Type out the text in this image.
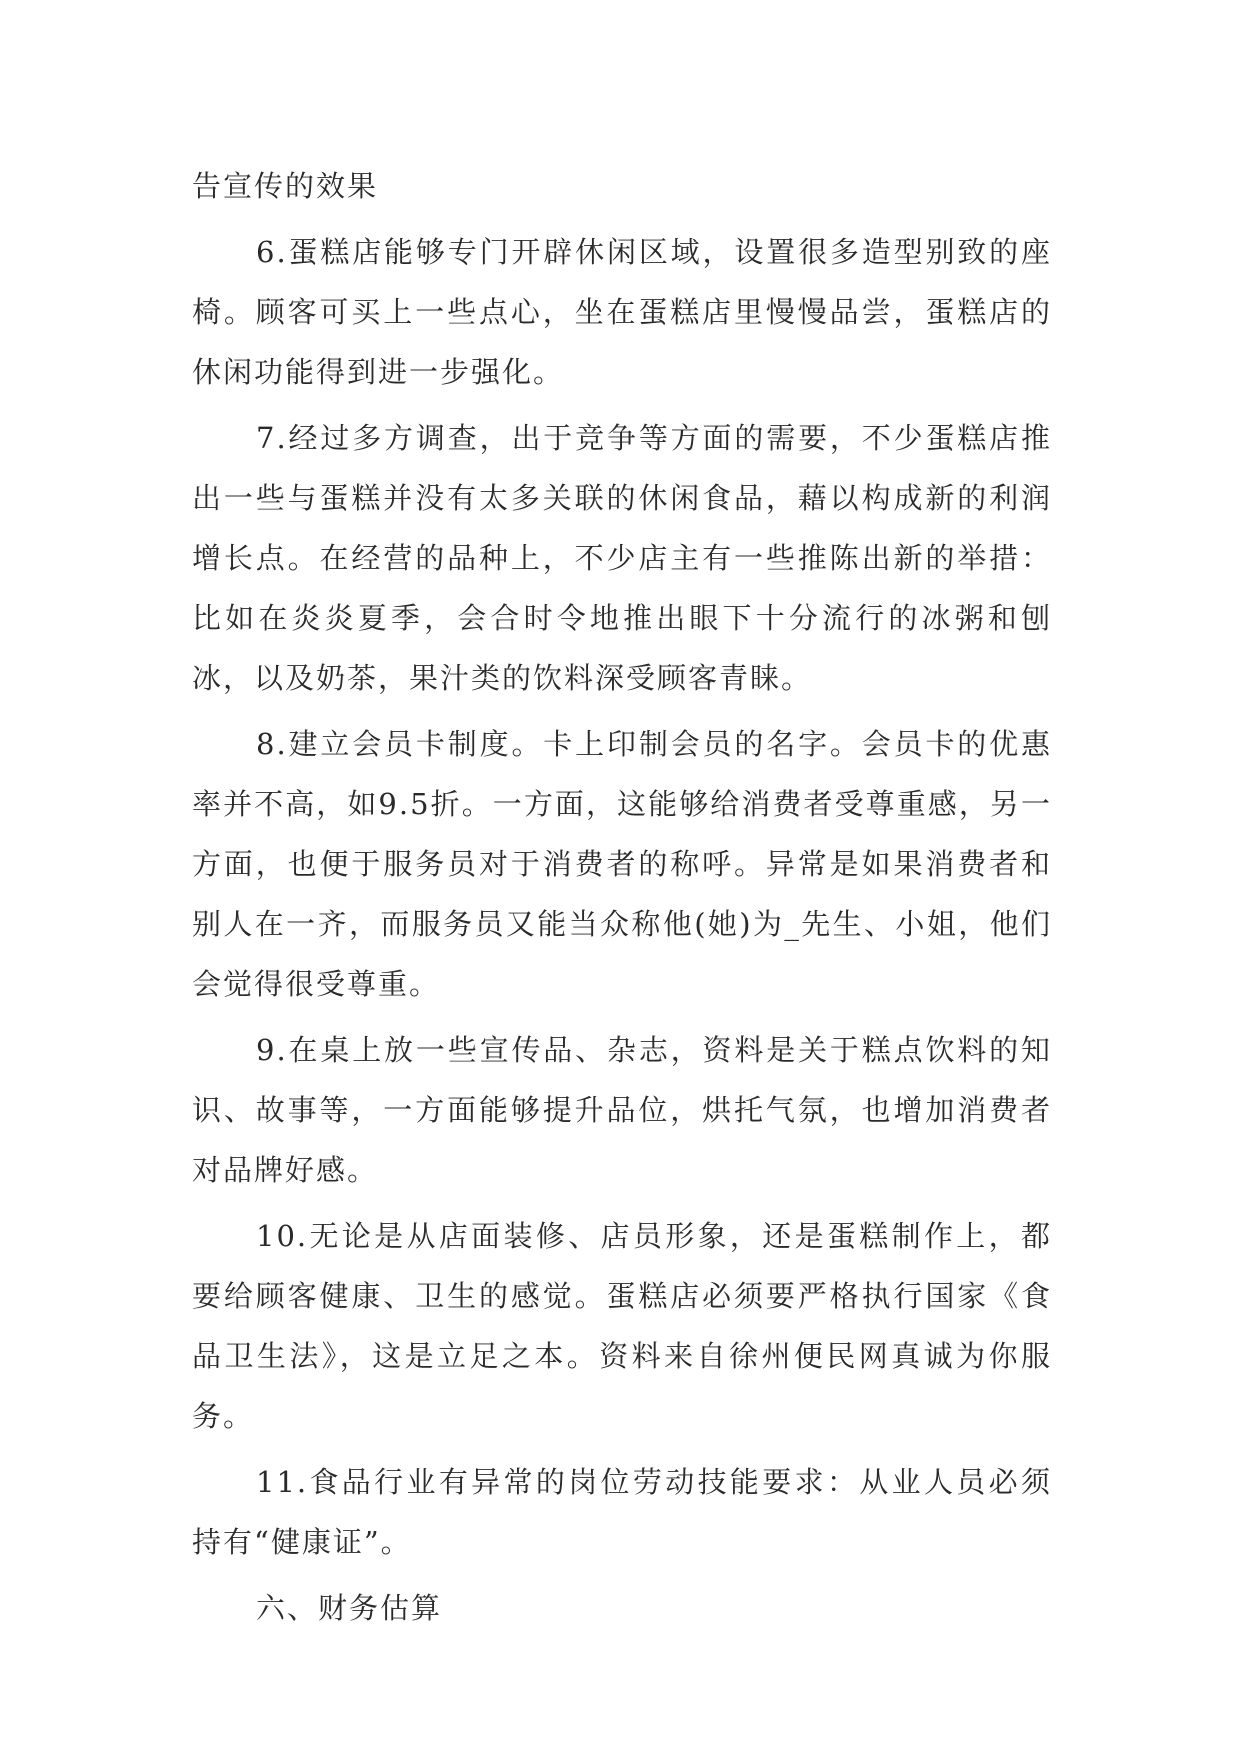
告宣传的效果

6.蛋糕店能够专门开辟休闲区域，设置很多造型别致的座椅。顾客可买上一些点心，坐在蛋糕店里慢慢品尝，蛋糕店的休闲功能得到进一步强化。

7.经过多方调查，出于竞争等方面的需要，不少蛋糕店推出一些与蛋糕并没有太多关联的休闲食品，藉以构成新的利润增长点。在经营的品种上，不少店主有一些推陈出新的举措：比如在炎炎夏季，会合时令地推出眼下十分流行的冰粥和刨冰，以及奶茶，果汁类的饮料深受顾客青睐。

8.建立会员卡制度。卡上印制会员的名字。会员卡的优惠率并不高，如9.5折。一方面，这能够给消费者受尊重感，另一方面，也便于服务员对于消费者的称呼。异常是如果消费者和别人在一齐，而服务员又能当众称他(她)为_先生、小姐，他们会觉得很受尊重。

9.在桌上放一些宣传品、杂志，资料是关于糕点饮料的知识、故事等，一方面能够提升品位，烘托气氛，也增加消费者对品牌好感。

10.无论是从店面装修、店员形象，还是蛋糕制作上，都要给顾客健康、卫生的感觉。蛋糕店必须要严格执行国家《食品卫生法》，这是立足之本。资料来自徐州便民网真诚为你服务。

11.食品行业有异常的岗位劳动技能要求：从业人员必须持有“健康证”。

六、财务估算
